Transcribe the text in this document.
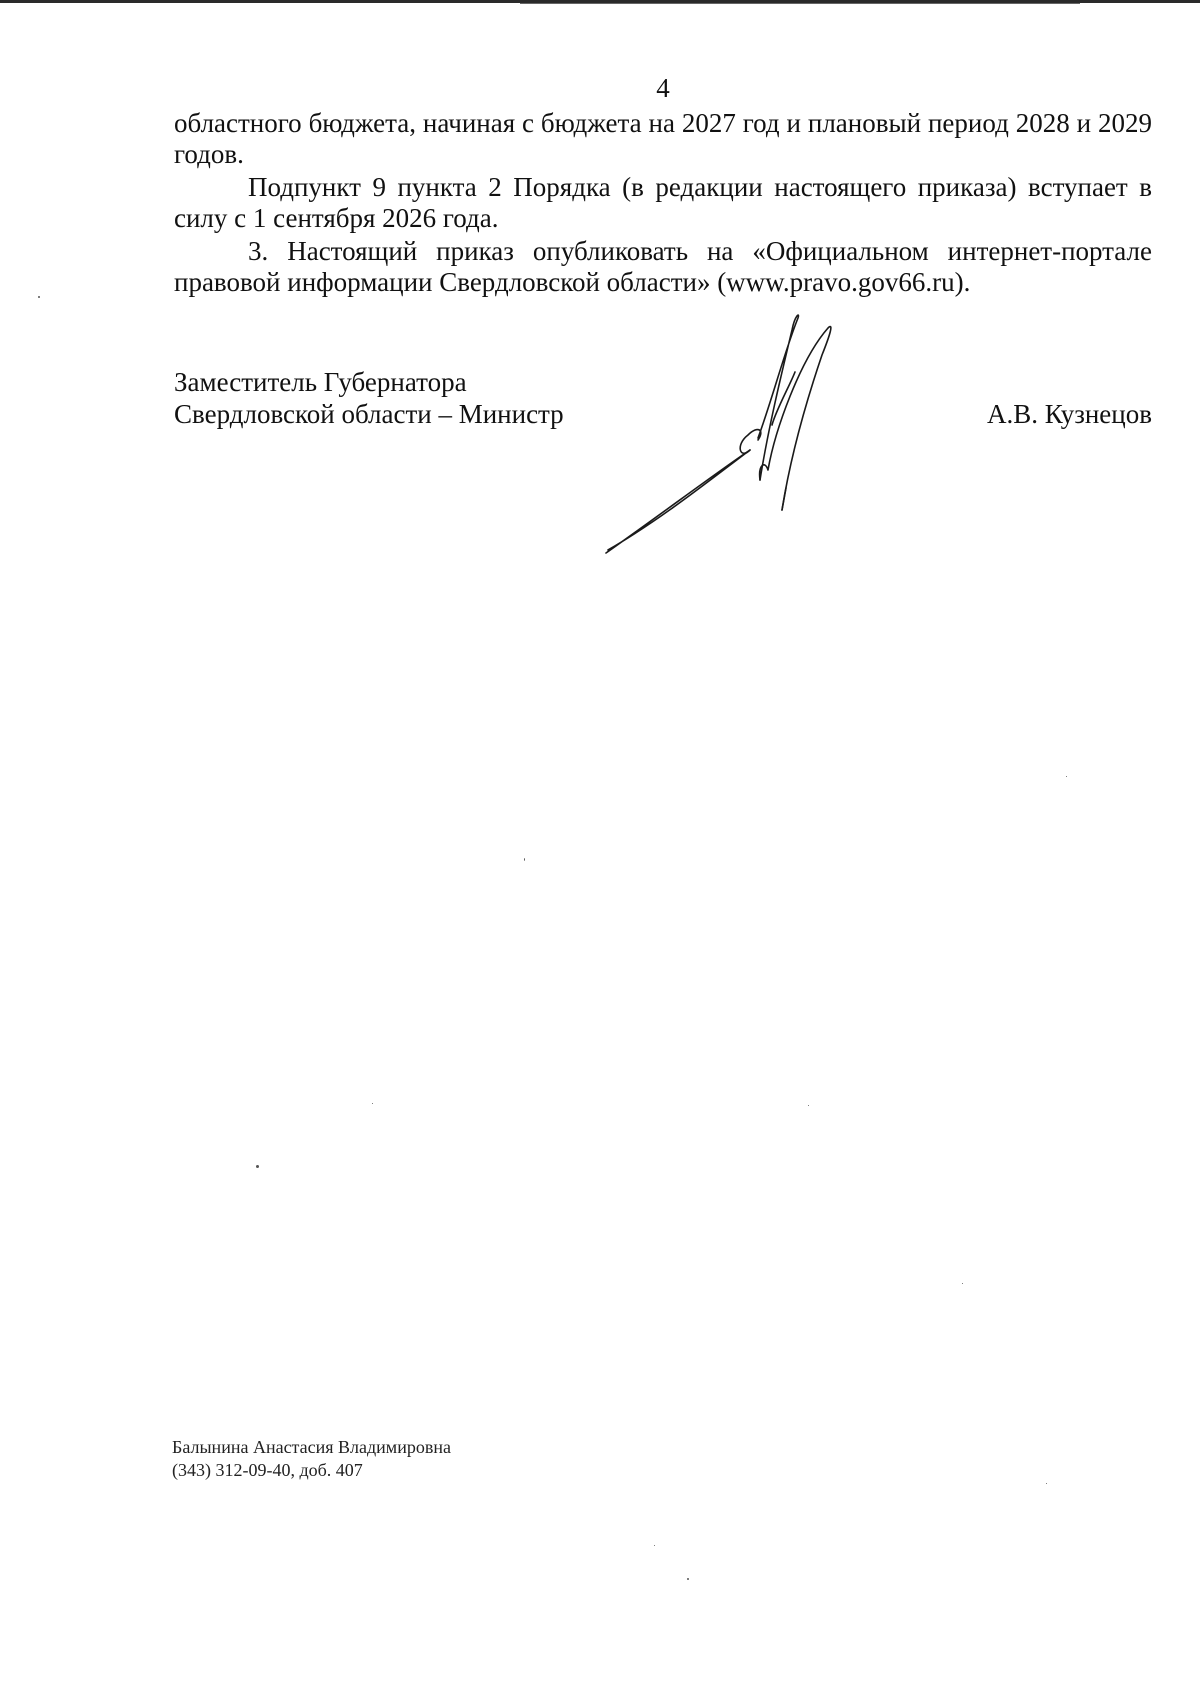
4

областного бюджета, начиная с бюджета на 2027 год и плановый период 2028 и 2029 годов.

Подпункт 9 пункта 2 Порядка (в редакции настоящего приказа) вступает в силу с 1 сентября 2026 года.

3. Настоящий приказ опубликовать на «Официальном интернет-портале правовой информации Свердловской области» (www.pravo.gov66.ru).

Заместитель Губернатора
Свердловской области – Министр	А.В. Кузнецов
Балынина Анастасия Владимировна
(343) 312-09-40, доб. 407
